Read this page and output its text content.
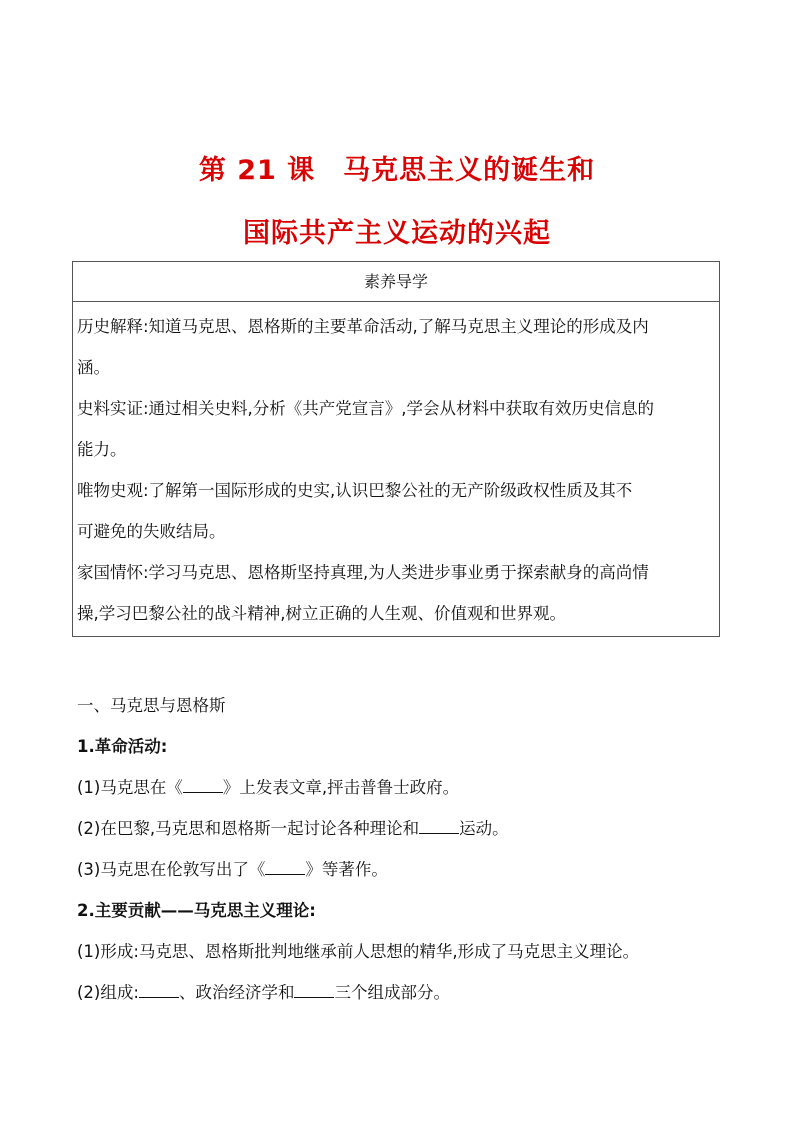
第 21 课　马克思主义的诞生和
国际共产主义运动的兴起
素养导学

历史解释:知道马克思、恩格斯的主要革命活动,了解马克思主义理论的形成及内

涵。

史料实证:通过相关史料,分析《共产党宣言》,学会从材料中获取有效历史信息的

能力。

唯物史观:了解第一国际形成的史实,认识巴黎公社的无产阶级政权性质及其不

可避免的失败结局。

家国情怀:学习马克思、恩格斯坚持真理,为人类进步事业勇于探索献身的高尚情

操,学习巴黎公社的战斗精神,树立正确的人生观、价值观和世界观。

一、马克思与恩格斯

1.革命活动:

(1)马克思在《 》上发表文章,抨击普鲁士政府。

(2)在巴黎,马克思和恩格斯一起讨论各种理论和 运动。

(3)马克思在伦敦写出了《 》等著作。

2.主要贡献——马克思主义理论:

(1)形成:马克思、恩格斯批判地继承前人思想的精华,形成了马克思主义理论。

(2)组成: 、政治经济学和 三个组成部分。
